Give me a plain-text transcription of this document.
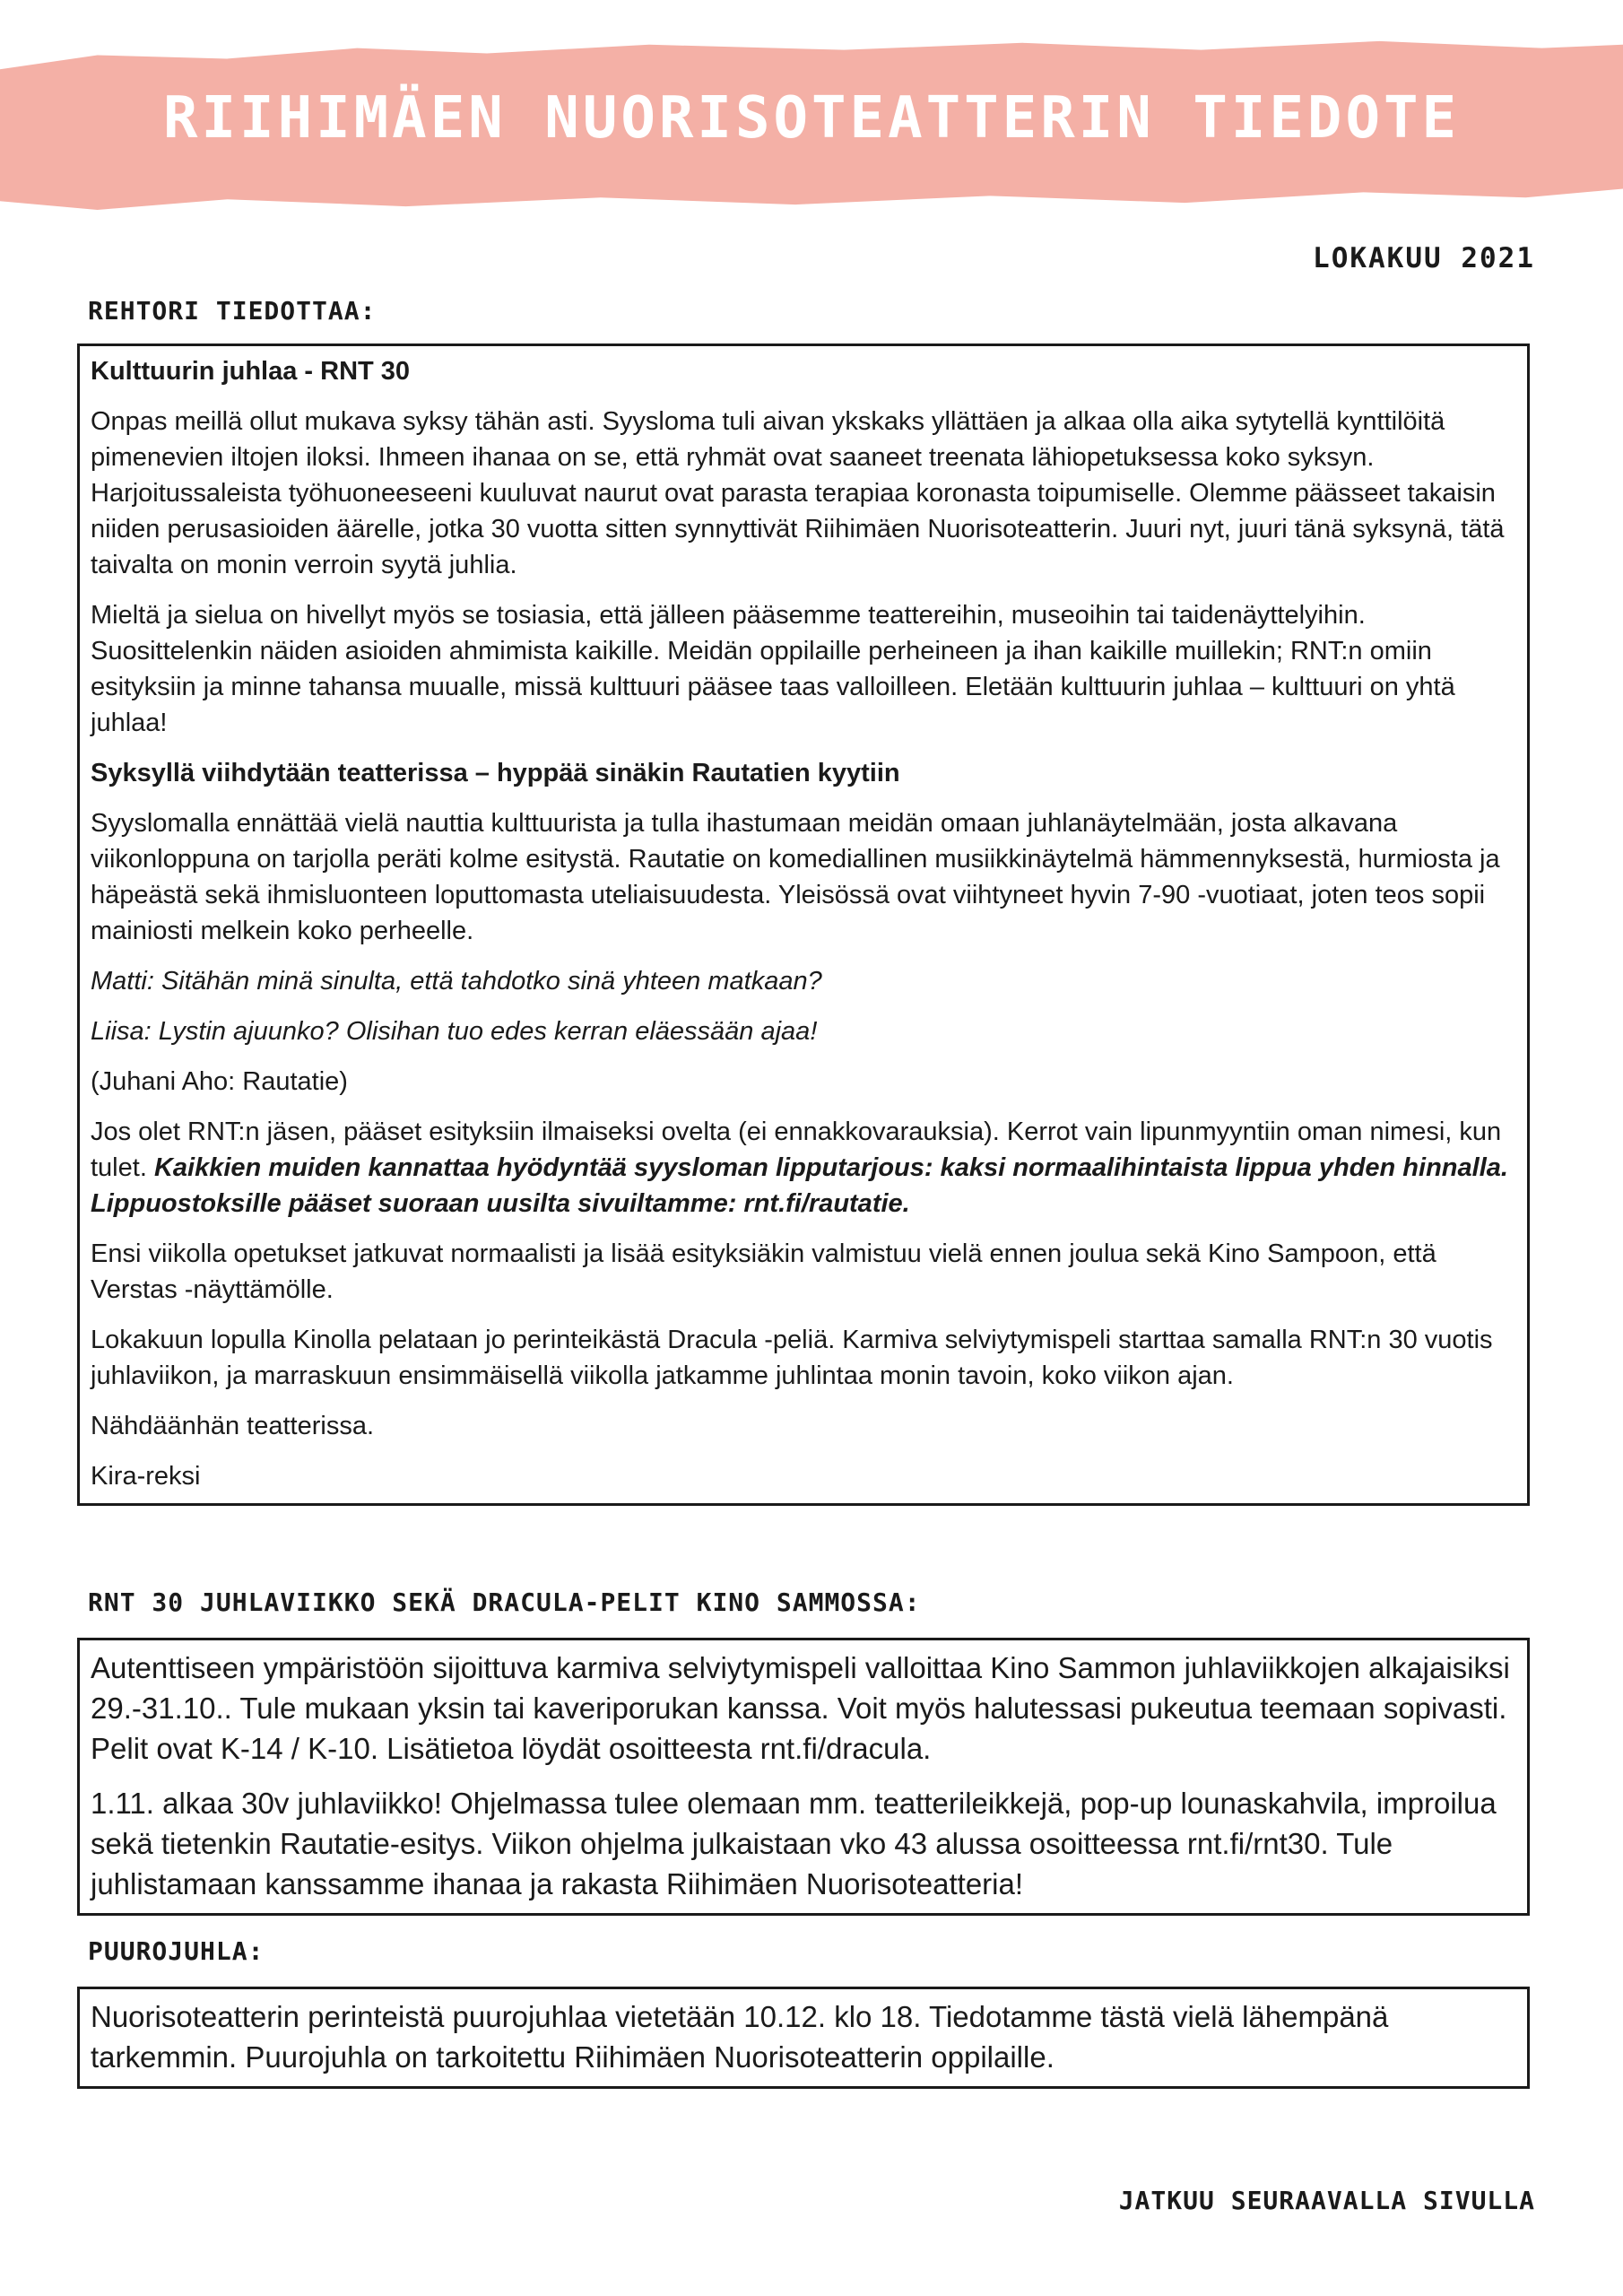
RIIHIMÄEN NUORISOTEATTERIN TIEDOTE
LOKAKUU 2021
REHTORI TIEDOTTAA:

Kulttuurin juhlaa - RNT 30

Onpas meillä ollut mukava syksy tähän asti. Syysloma tuli aivan ykskaks yllättäen ja alkaa olla aika sytytellä kynttilöitä pimenevien iltojen iloksi. Ihmeen ihanaa on se, että ryhmät ovat saaneet treenata lähiopetuksessa koko syksyn. Harjoitussaleista työhuoneeseeni kuuluvat naurut ovat parasta terapiaa koronasta toipumiselle. Olemme päässeet takaisin niiden perusasioiden äärelle, jotka 30 vuotta sitten synnyttivät Riihimäen Nuorisoteatterin. Juuri nyt, juuri tänä syksynä, tätä taivalta on monin verroin syytä juhlia.

Mieltä ja sielua on hivellyt myös se tosiasia, että jälleen pääsemme teattereihin, museoihin tai taidenäyttelyihin. Suosittelenkin näiden asioiden ahmimista kaikille. Meidän oppilaille perheineen ja ihan kaikille muillekin; RNT:n omiin esityksiin ja minne tahansa muualle, missä kulttuuri pääsee taas valloilleen. Eletään kulttuurin juhlaa – kulttuuri on yhtä juhlaa!

Syksyllä viihdytään teatterissa – hyppää sinäkin Rautatien kyytiin

Syyslomalla ennättää vielä nauttia kulttuurista ja tulla ihastumaan meidän omaan juhlanäytelmään, josta alkavana viikonloppuna on tarjolla peräti kolme esitystä. Rautatie on komediallinen musiikkinäytelmä hämmennyksestä, hurmiosta ja häpeästä sekä ihmisluonteen loputtomasta uteliaisuudesta. Yleisössä ovat viihtyneet hyvin 7-90 -vuotiaat, joten teos sopii mainiosti melkein koko perheelle.

Matti: Sitähän minä sinulta, että tahdotko sinä yhteen matkaan?

Liisa: Lystin ajuunko? Olisihan tuo edes kerran eläessään ajaa!

(Juhani Aho: Rautatie)

Jos olet RNT:n jäsen, pääset esityksiin ilmaiseksi ovelta (ei ennakkovarauksia). Kerrot vain lipunmyyntiin oman nimesi, kun tulet. Kaikkien muiden kannattaa hyödyntää syysloman lipputarjous: kaksi normaalihintaista lippua yhden hinnalla. Lippuostoksille pääset suoraan uusilta sivuiltamme: rnt.fi/rautatie.

Ensi viikolla opetukset jatkuvat normaalisti ja lisää esityksiäkin valmistuu vielä ennen joulua sekä Kino Sampoon, että Verstas -näyttämölle.

Lokakuun lopulla Kinolla pelataan jo perinteikästä Dracula -peliä. Karmiva selviytymispeli starttaa samalla RNT:n 30 vuotis juhlaviikon, ja marraskuun ensimmäisellä viikolla jatkamme juhlintaa monin tavoin, koko viikon ajan.

Nähdäänhän teatterissa.

Kira-reksi

RNT 30 JUHLAVIIKKO SEKÄ DRACULA-PELIT KINO SAMMOSSA:

Autenttiseen ympäristöön sijoittuva karmiva selviytymispeli valloittaa Kino Sammon juhlaviikkojen alkajaisiksi 29.-31.10.. Tule mukaan yksin tai kaveriporukan kanssa. Voit myös halutessasi pukeutua teemaan sopivasti. Pelit ovat K-14 / K-10. Lisätietoa löydät osoitteesta rnt.fi/dracula.

1.11. alkaa 30v juhlaviikko! Ohjelmassa tulee olemaan mm. teatterileikkejä, pop-up lounaskahvila, improilua sekä tietenkin Rautatie-esitys. Viikon ohjelma julkaistaan vko 43 alussa osoitteessa rnt.fi/rnt30. Tule juhlistamaan kanssamme ihanaa ja rakasta Riihimäen Nuorisoteatteria!

PUUROJUHLA:

Nuorisoteatterin perinteistä puurojuhlaa vietetään 10.12. klo 18. Tiedotamme tästä vielä lähempänä tarkemmin. Puurojuhla on tarkoitettu Riihimäen Nuorisoteatterin oppilaille.

JATKUU SEURAAVALLA SIVULLA
